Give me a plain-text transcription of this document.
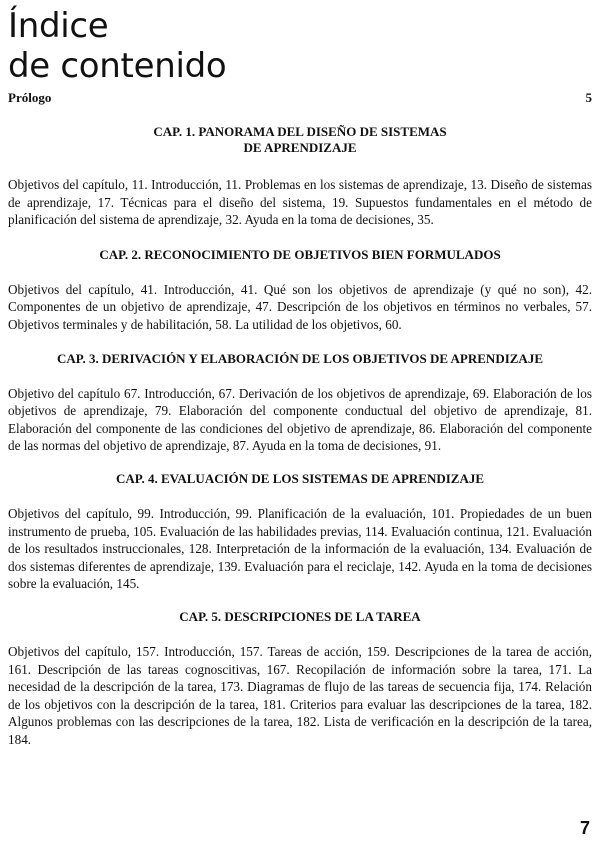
Índice
de contenido
Prólogo	5
CAP. 1. PANORAMA DEL DISEÑO DE SISTEMAS
DE APRENDIZAJE

Objetivos del capítulo, 11. Introducción, 11. Problemas en los sistemas de aprendizaje, 13. Diseño de sistemas de aprendizaje, 17. Técnicas para el diseño del sistema, 19. Supuestos fundamentales en el método de planificación del sistema de aprendizaje, 32. Ayuda en la toma de decisiones, 35.

CAP. 2. RECONOCIMIENTO DE OBJETIVOS BIEN FORMULADOS

Objetivos del capítulo, 41. Introducción, 41. Qué son los objetivos de aprendizaje (y qué no son), 42. Componentes de un objetivo de aprendizaje, 47. Descripción de los objetivos en términos no verbales, 57. Objetivos terminales y de habilitación, 58. La utilidad de los objetivos, 60.

CAP. 3. DERIVACIÓN Y ELABORACIÓN DE LOS OBJETIVOS DE APRENDIZAJE

Objetivo del capítulo 67. Introducción, 67. Derivación de los objetivos de aprendizaje, 69. Elaboración de los objetivos de aprendizaje, 79. Elaboración del componente conductual del objetivo de aprendizaje, 81. Elaboración del componente de las condiciones del objetivo de aprendizaje, 86. Elaboración del componente de las normas del objetivo de aprendizaje, 87. Ayuda en la toma de decisiones, 91.

CAP. 4. EVALUACIÓN DE LOS SISTEMAS DE APRENDIZAJE

Objetivos del capítulo, 99. Introducción, 99. Planificación de la evaluación, 101. Propiedades de un buen instrumento de prueba, 105. Evaluación de las habilidades previas, 114. Evaluación continua, 121. Evaluación de los resultados instruccionales, 128. Interpretación de la información de la evaluación, 134. Evaluación de dos sistemas diferentes de aprendizaje, 139. Evaluación para el reciclaje, 142. Ayuda en la toma de decisiones sobre la evaluación, 145.

CAP. 5. DESCRIPCIONES DE LA TAREA

Objetivos del capítulo, 157. Introducción, 157. Tareas de acción, 159. Descripciones de la tarea de acción, 161. Descripción de las tareas cognoscitivas, 167. Recopilación de información sobre la tarea, 171. La necesidad de la descripción de la tarea, 173. Diagramas de flujo de las tareas de secuencia fija, 174. Relación de los objetivos con la descripción de la tarea, 181. Criterios para evaluar las descripciones de la tarea, 182. Algunos problemas con las descripciones de la tarea, 182. Lista de verificación en la descripción de la tarea, 184.

7
